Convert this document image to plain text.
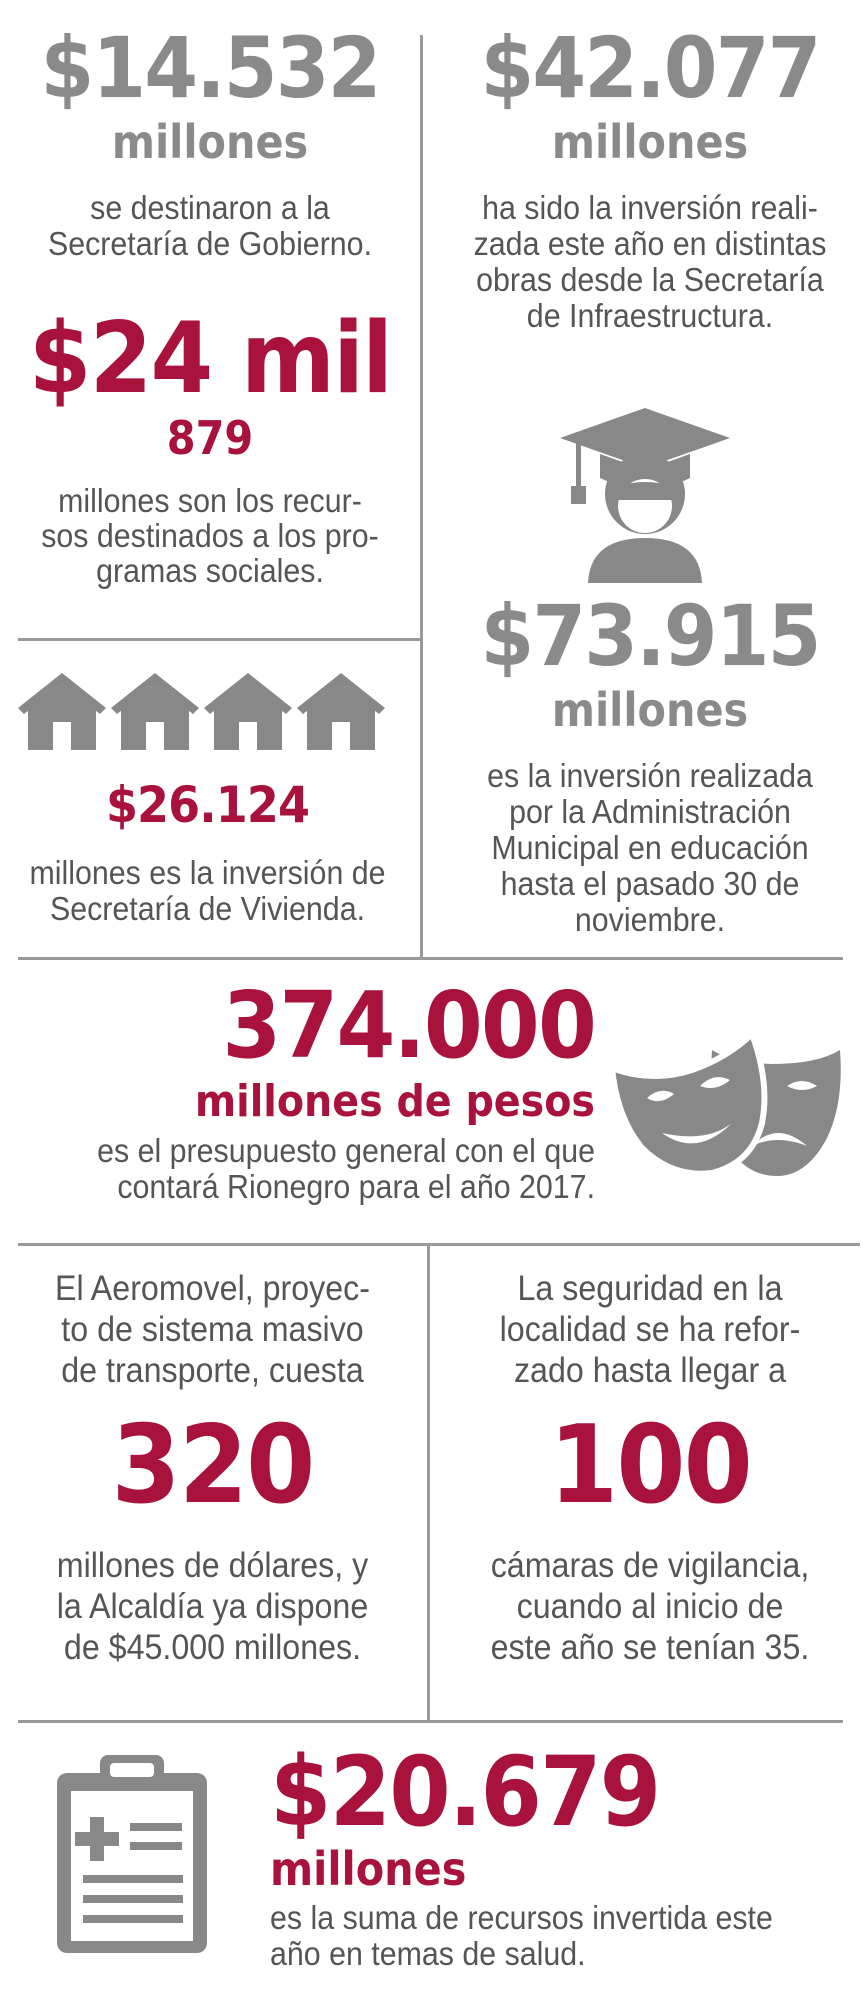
$14.532
millones
se destinaron a la
Secretaría de Gobierno.
$24 mil
879
millones son los recur-
sos destinados a los pro-
gramas sociales.
$26.124
millones es la inversión de
Secretaría de Vivienda.
$42.077
millones
ha sido la inversión reali-
zada este año en distintas
obras desde la Secretaría
de Infraestructura.
$73.915
millones
es la inversión realizada
por la Administración
Municipal en educación
hasta el pasado 30 de
noviembre.
374.000
millones de pesos
es el presupuesto general con el que
contará Rionegro para el año 2017.
El Aeromovel, proyec-
to de sistema masivo
de transporte, cuesta
320
millones de dólares, y
la Alcaldía ya dispone
de $45.000 millones.
La seguridad en la
localidad se ha refor-
zado hasta llegar a
100
cámaras de vigilancia,
cuando al inicio de
este año se tenían 35.
$20.679
millones
es la suma de recursos invertida este
año en temas de salud.
